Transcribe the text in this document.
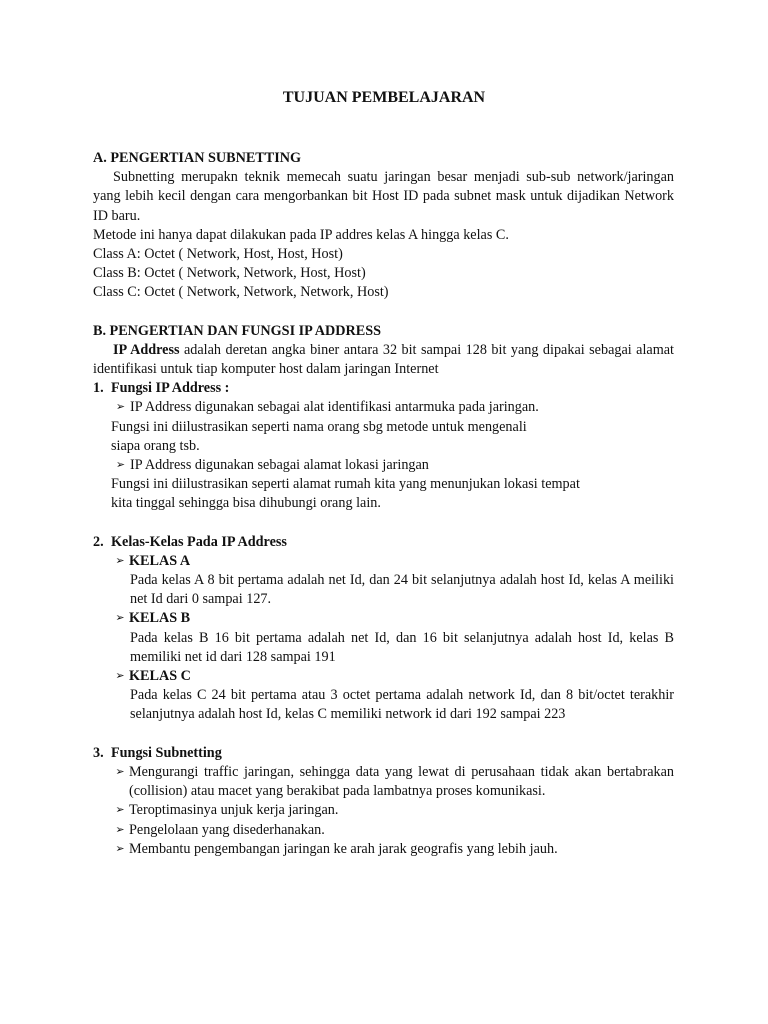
TUJUAN PEMBELAJARAN
A. PENGERTIAN SUBNETTING
Subnetting merupakn teknik memecah suatu jaringan besar menjadi sub-sub network/jaringan yang lebih kecil dengan cara mengorbankan bit Host ID pada subnet mask untuk dijadikan Network ID baru.
Metode ini hanya dapat dilakukan pada IP addres kelas A hingga kelas C.
Class A: Octet ( Network, Host, Host, Host)
Class B: Octet ( Network, Network, Host, Host)
Class C: Octet ( Network, Network, Network, Host)
B. PENGERTIAN DAN FUNGSI IP ADDRESS
IP Address adalah deretan angka biner antara 32 bit sampai 128 bit yang dipakai sebagai alamat identifikasi untuk tiap komputer host dalam jaringan Internet
1. Fungsi IP Address :
➢ IP Address digunakan sebagai alat identifikasi antarmuka pada jaringan.
Fungsi ini diilustrasikan seperti nama orang sbg metode untuk mengenali
siapa orang tsb.
➢ IP Address digunakan sebagai alamat lokasi jaringan
Fungsi ini diilustrasikan seperti alamat rumah kita yang menunjukan lokasi tempat
kita tinggal sehingga bisa dihubungi orang lain.
2. Kelas-Kelas Pada IP Address
➢ KELAS A
Pada kelas A 8 bit pertama adalah net Id, dan 24 bit selanjutnya adalah host Id, kelas A meiliki net Id dari 0 sampai 127.
➢ KELAS B
Pada kelas B 16 bit pertama adalah net Id, dan 16 bit selanjutnya adalah host Id, kelas B memiliki net id dari 128 sampai 191
➢ KELAS C
Pada kelas C 24 bit pertama atau 3 octet pertama adalah network Id, dan 8 bit/octet terakhir selanjutnya adalah host Id, kelas C memiliki network id dari 192 sampai 223
3. Fungsi Subnetting
➢ Mengurangi traffic jaringan, sehingga data yang lewat di perusahaan tidak akan bertabrakan (collision) atau macet yang berakibat pada lambatnya proses komunikasi.
➢ Teroptimasinya unjuk kerja jaringan.
➢ Pengelolaan yang disederhanakan.
➢ Membantu pengembangan jaringan ke arah jarak geografis yang lebih jauh.
